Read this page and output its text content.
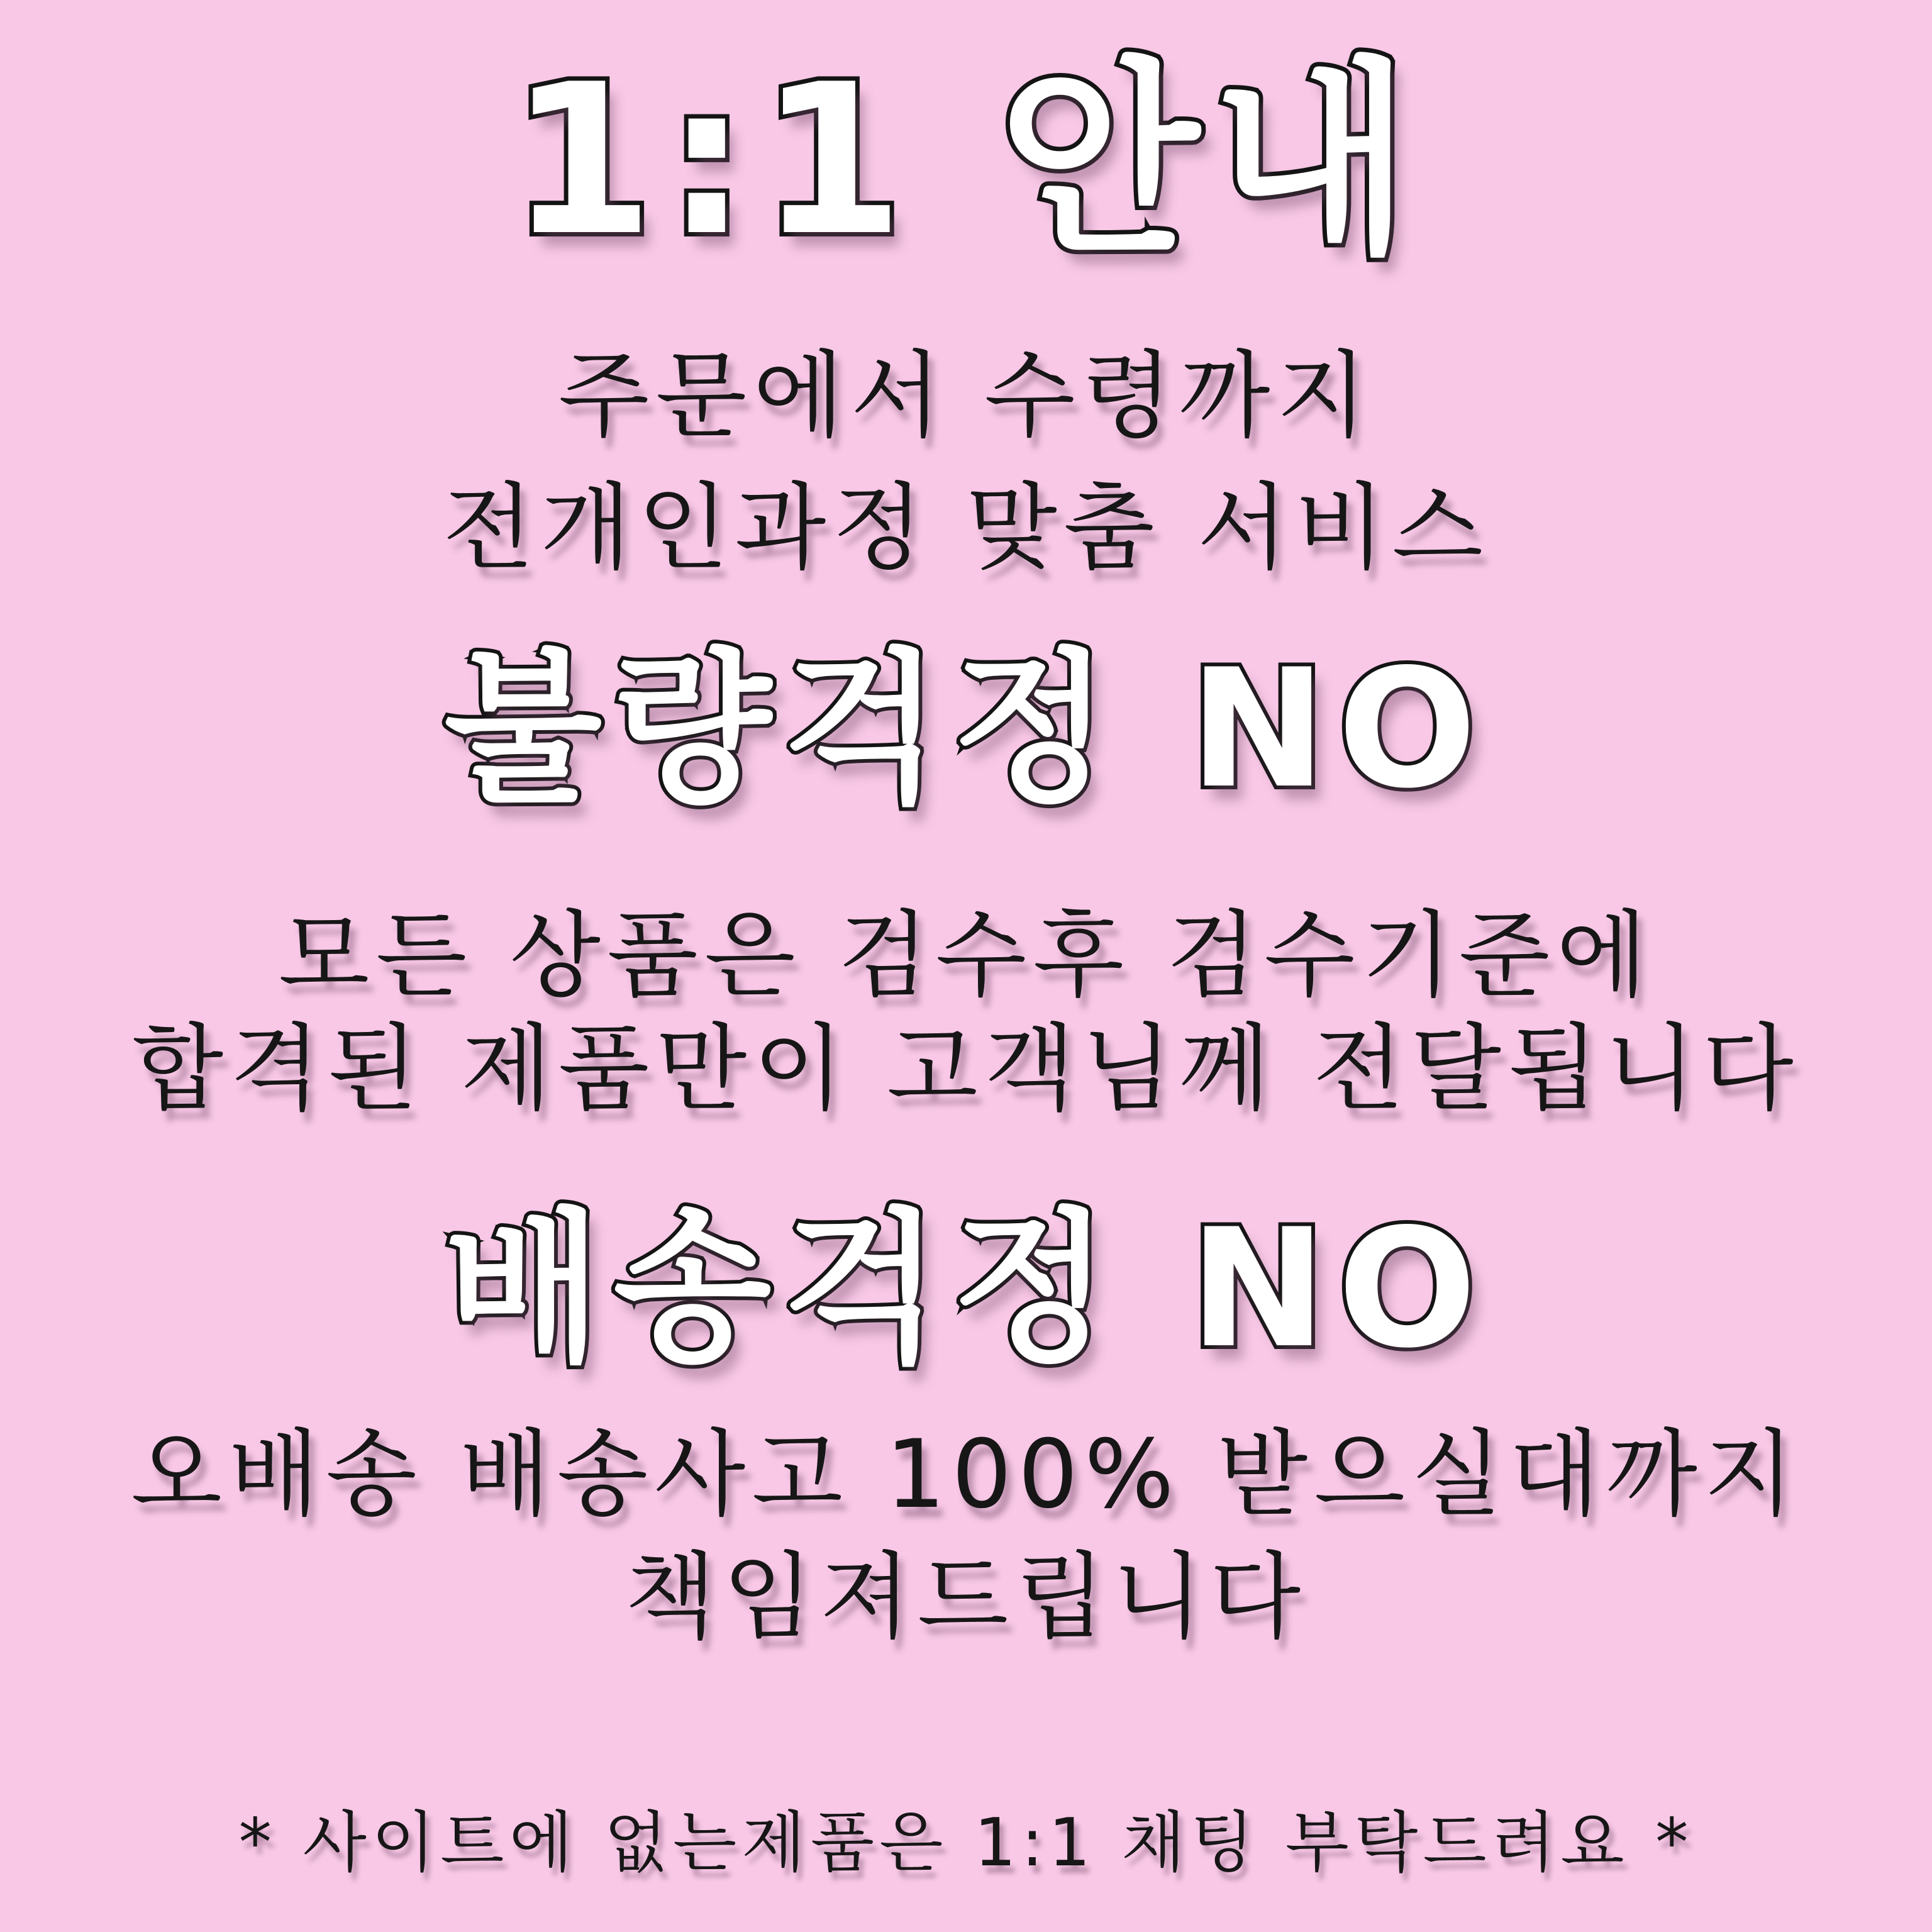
1:1 안내
주문에서 수령까지
전개인과정 맞춤 서비스
불량걱정 NO
모든 상품은 검수후 검수기준에
합격된 제품만이 고객님께 전달됩니다
배송걱정 NO
오배송 배송사고 100% 받으실대까지
책임져드립니다
* 사이트에 없는제품은 1:1 채팅 부탁드려요 *
